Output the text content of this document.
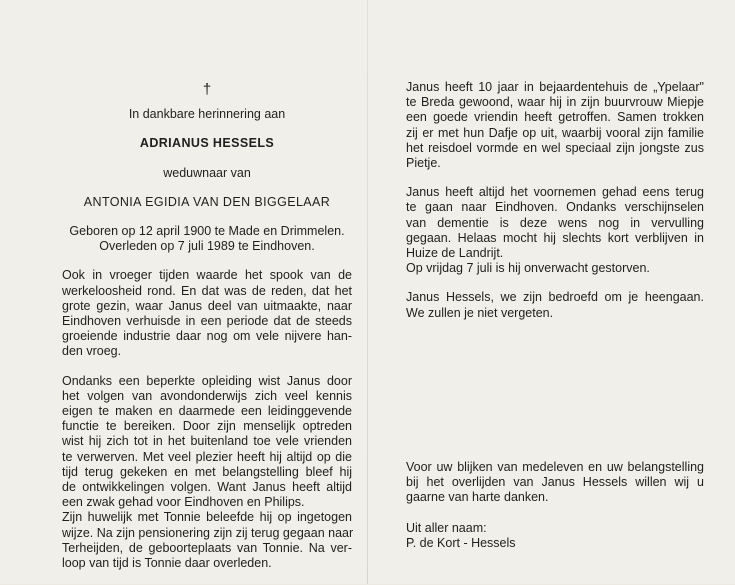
†
In dankbare herinnering aan
ADRIANUS HESSELS
weduwnaar van
ANTONIA EGIDIA VAN DEN BIGGELAAR
Geboren op 12 april 1900 te Made en Drimmelen.
Overleden op 7 juli 1989 te Eindhoven.
Ook in vroeger tijden waarde het spook van de
werkeloosheid rond. En dat was de reden, dat het
grote gezin, waar Janus deel van uitmaakte, naar
Eindhoven verhuisde in een periode dat de steeds
groeiende industrie daar nog om vele nijvere han-
den vroeg.
Ondanks een beperkte opleiding wist Janus door
het volgen van avondonderwijs zich veel kennis
eigen te maken en daarmede een leidinggevende
functie te bereiken. Door zijn menselijk optreden
wist hij zich tot in het buitenland toe vele vrienden
te verwerven. Met veel plezier heeft hij altijd op die
tijd terug gekeken en met belangstelling bleef hij
de ontwikkelingen volgen. Want Janus heeft altijd
een zwak gehad voor Eindhoven en Philips.
Zijn huwelijk met Tonnie beleefde hij op ingetogen
wijze. Na zijn pensionering zijn zij terug gegaan naar
Terheijden, de geboorteplaats van Tonnie. Na ver-
loop van tijd is Tonnie daar overleden.
Janus heeft 10 jaar in bejaardentehuis de „Ypelaar"
te Breda gewoond, waar hij in zijn buurvrouw Miepje
een goede vriendin heeft getroffen. Samen trokken
zij er met hun Dafje op uit, waarbij vooral zijn familie
het reisdoel vormde en wel speciaal zijn jongste zus
Pietje.
Janus heeft altijd het voornemen gehad eens terug
te gaan naar Eindhoven. Ondanks verschijnselen
van dementie is deze wens nog in vervulling
gegaan. Helaas mocht hij slechts kort verblijven in
Huize de Landrijt.
Op vrijdag 7 juli is hij onverwacht gestorven.
Janus Hessels, we zijn bedroefd om je heengaan.
We zullen je niet vergeten.
Voor uw blijken van medeleven en uw belangstelling
bij het overlijden van Janus Hessels willen wij u
gaarne van harte danken.
Uit aller naam:
P. de Kort - Hessels
